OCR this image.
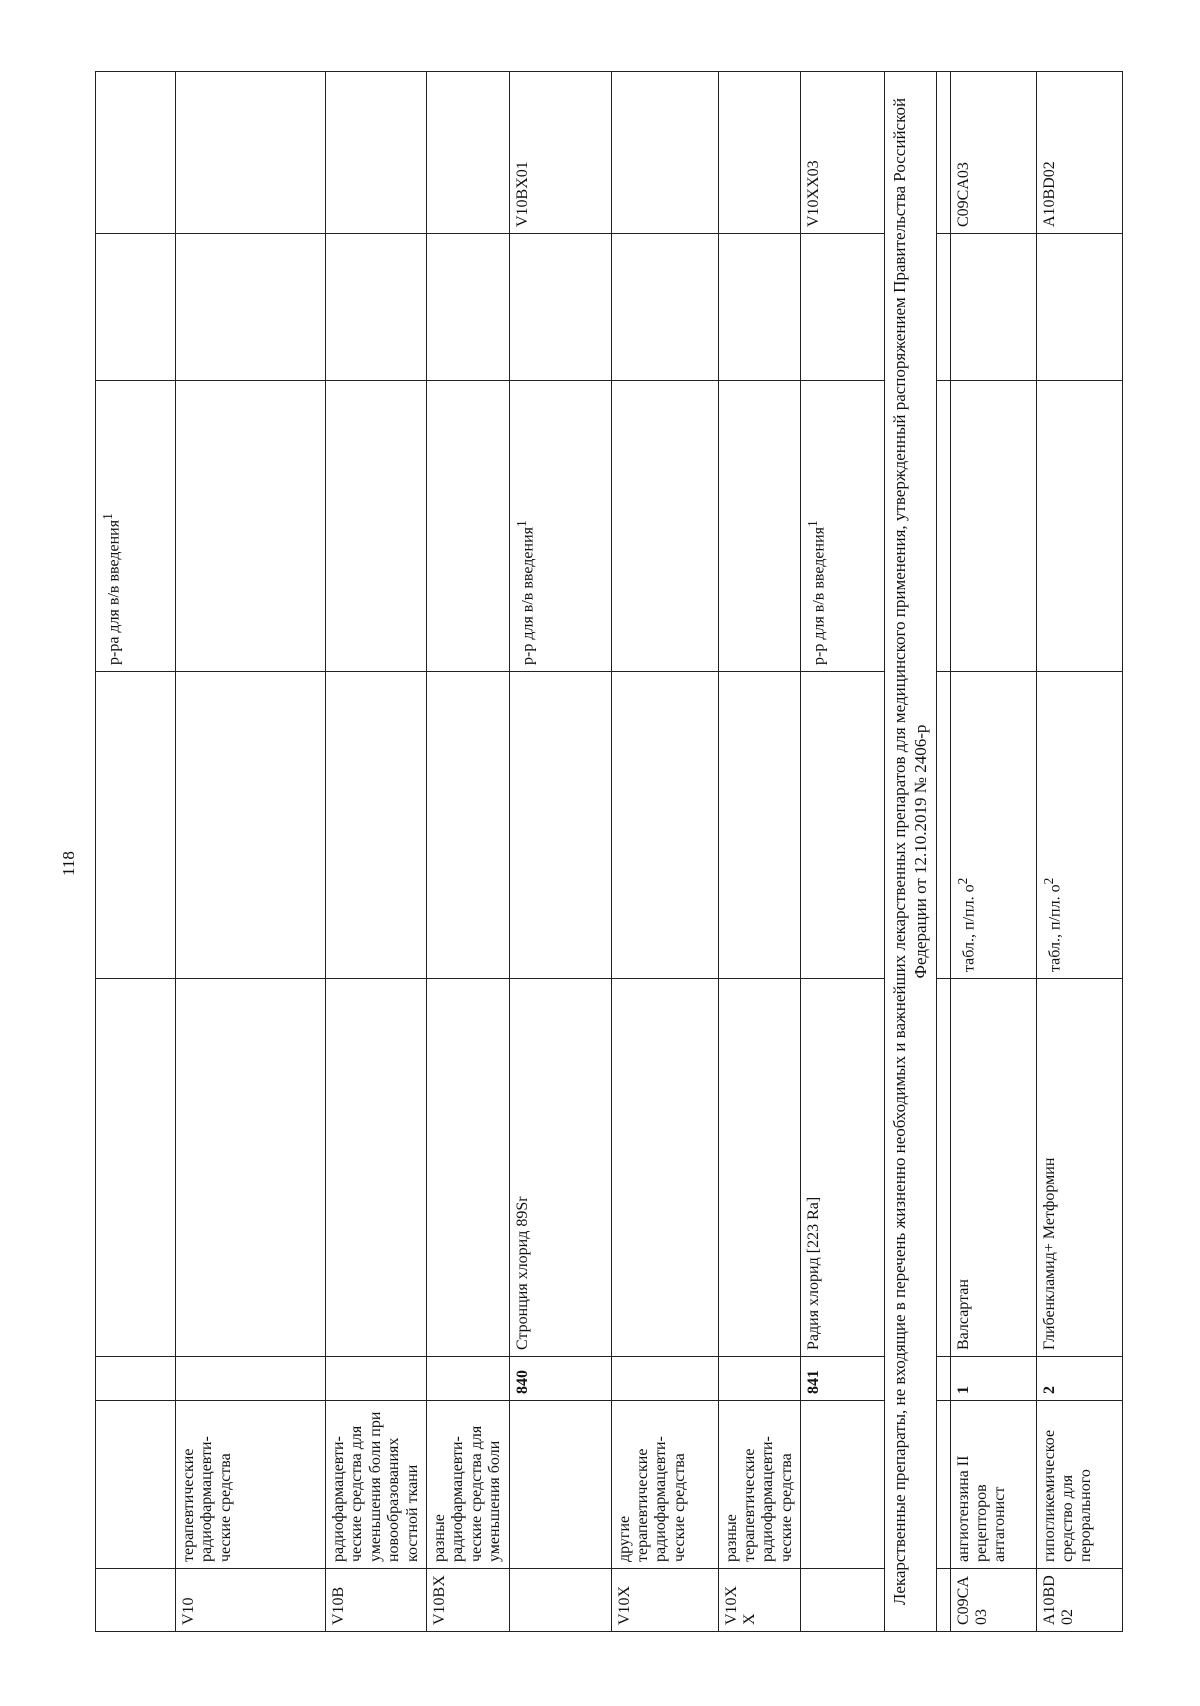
118
					р-ра для в/в введения$^1$		
V10	терапевтические радиофармацевти-ческие средства						
V10B	радиофармацевти-ческие средства для уменьшения боли при новообразованиях костной ткани						
V10BX	разные радиофармацевти-ческие средства для уменьшения боли						
		840	Стронция хлорид 89Sr		р-р для в/в введения$^1$		V10BX01
V10X	другие терапевтические радиофармацевти-ческие средства						
V10XX	разные терапевтические радиофармацевти-ческие средства						
		841	Радия хлорид [223 Ra]		р-р для в/в введения$^1$		V10XX03
Лекарственные препараты, не входящие в перечень жизненно необходимых и важнейших лекарственных препаратов для медицинского применения, утвержденный распоряжением Правительства Российской Федерации от 12.10.2019 № 2406-р							

C09CA03	ангиотензина II рецепторов антагонист	1	Валсартан	табл., п/пл. $о^2$			C09CA03
A10BD02	гипогликемическое средство для перорального	2	Глибенкламид+ Метформин	табл., п/пл. $о^2$			A10BD02
